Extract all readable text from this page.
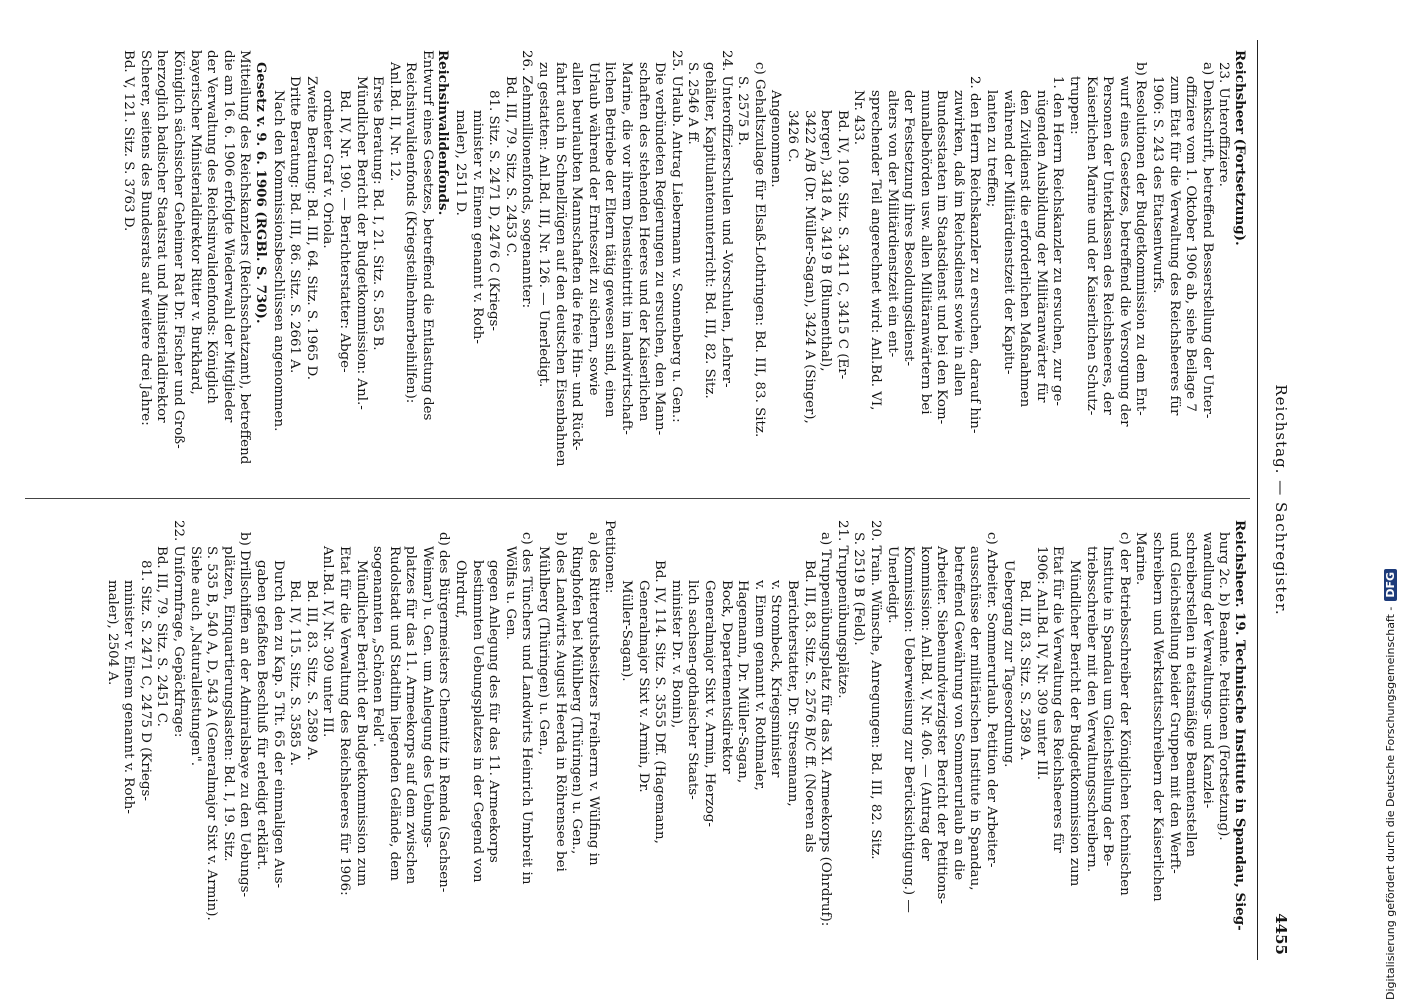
4455
Reichstag. — Sachregister.
Reichsheer. 19. Technische Institute in Spandau, Sieg-
burg 2c. b) Beamte. Petitionen (Fortsetzung).
wandlung der Verwaltungs- und Kanzlei-
schreiberstellen in etatsmäßige Beamtenstellen
und Gleichstellung beider Gruppen mit den Werft-
schreibern und Werkstattsschreibern der Kaiserlichen
Marine.
c) der Betriebsschreiber der Königlichen technischen
Institute in Spandau um Gleichstellung der Be-
triebsschreiber mit den Verwaltungsschreibern.
Mündlicher Bericht der Budgetkommission zum
Etat für die Verwaltung des Reichsheeres für
1906: Anl.Bd. IV, Nr. 309 unter III.
Bd. III, 83. Sitz. S. 2589 A.
Uebergang zur Tagesordnung.
c) Arbeiter. Sommerurlaub. Petition der Arbeiter-
ausschüsse der militärischen Institute in Spandau,
betreffend Gewährung von Sommerurlaub an die
Arbeiter. Siebenundvierzigster Bericht der Petitions-
kommission: Anl.Bd. V, Nr. 406. — (Antrag der
Kommission: Ueberweisung zur Berücksichtigung.) —
Unerledigt.
20. Train. Wünsche, Anregungen: Bd. III, 82. Sitz.
S. 2519 B (Feld).
21. Truppenübungsplätze.
a) Truppenübungsplatz für das XI. Armeekorps (Ohrdruf):
Bd. III, 83. Sitz. S. 2576 B/C ff. (Noeren als
Berichterstatter, Dr. Stresemann,
v. Strombeck, Kriegsminister
v. Einem genannt v. Rothmaler,
Hagemann, Dr. Müller-Sagan,
Bock, Departementsdirektor
Generalmajor Sixt v. Armin, Herzog-
lich sachsen-gothaischer Staats-
minister Dr. v. Bonin),
Bd. IV, 114. Sitz. S. 3555 Dff. (Hagemann,
Generalmajor Sixt v. Armin, Dr.
Müller-Sagan).
Petitionen:
a) des Rittergutsbesitzers Freiherrn v. Wülfing in
Ringhofen bei Mühlberg (Thüringen) u. Gen.,
b) des Landwirts August Heerda in Röhrensee bei
Mühlberg (Thüringen) u. Gen.,
c) des Tünchers und Landwirts Heinrich Umbreit in
Wölfis u. Gen.
gegen Anlegung des für das 11. Armeekorps
bestimmten Uebungsplatzes in der Gegend von
Ohrdruf,
d) des Bürgermeisters Chemnitz in Remda (Sachsen-
Weimar) u. Gen. um Anlegung des Uebungs-
platzes für das 11. Armeekorps auf dem zwischen
Rudolstadt und Stadtilm liegenden Gelände, dem
sogenannten „Schönen Feld".
Mündlicher Bericht der Budgetkommission zum
Etat für die Verwaltung des Reichsheeres für 1906:
Anl.Bd. IV, Nr. 309 unter III.
Bd. III, 83. Sitz. S. 2589 A.
Bd. IV, 115. Sitz. S. 3585 A.
Durch den zu Kap. 5 Tit. 65 der einmaligen Aus-
gaben gefaßten Beschluß für erledigt erklärt.
b) Drillschiffen an der Admiralsbaye zu den Uebungs-
plätzen, Einquartierungslasten: Bd. I, 19. Sitz.
S. 535 B, 540 A, D, 543 A (Generalmajor Sixt v. Armin).
Siehe auch „Naturalleistungen".
22. Uniformfrage, Gepäckfrage:
Bd. III, 79. Sitz. S. 2451 C.
81. Sitz. S. 2471 C, 2475 D (Kriegs-
minister v. Einem genannt v. Roth-
maler), 2504 A.
Reichsheer (Fortsetzung).
23. Unteroffiziere.
a) Denkschrift, betreffend Besserstellung der Unter-
offiziere vom 1. Oktober 1906 ab, siehe Beilage 7
zum Etat für die Verwaltung des Reichsheeres für
1906: S. 243 des Etatsentwurfs.
b) Resolutionen der Budgetkommission zu dem Ent-
wurf eines Gesetzes, betreffend die Versorgung der
Personen der Unterklassen des Reichsheeres, der
Kaiserlichen Marine und der Kaiserlichen Schutz-
truppen:
1. den Herrn Reichskanzler zu ersuchen, zur ge-
nügenden Ausbildung der Militäranwärter für
den Zivildienst die erforderlichen Maßnahmen
während der Militärdienstzeit der Kapitu-
lanten zu treffen;
2. den Herrn Reichskanzler zu ersuchen, darauf hin-
zuwirken, daß im Reichsdienst sowie in allen
Bundesstaaten im Staatsdienst und bei den Kom-
munalbehörden usw. allen Militäranwärtern bei
der Festsetzung ihres Besoldungsdienst-
alters von der Militärdienstzeit ein ent-
sprechender Teil angerechnet wird: Anl.Bd. VI,
Nr. 433.
Bd. IV, 109. Sitz. S. 3411 C, 3415 C (Er-
berger), 3418 A, 3419 B (Blumenthal),
3422 A/B (Dr. Müller-Sagan), 3424 A (Singer),
3426 C.
Angenommen.
c) Gehaltszulage für Elsaß-Lothringen: Bd. III, 83. Sitz.
S. 2575 B.
24. Unteroffizierschulen und -Vorschulen, Lehrer-
gehälter, Kapitulantenunterricht: Bd. III, 82. Sitz.
S. 2546 A ff.
25. Urlaub. Antrag Liebermann v. Sonnenberg u. Gen.:
Die verbündeten Regierungen zu ersuchen, den Mann-
schaften des stehenden Heeres und der Kaiserlichen
Marine, die vor ihrem Diensteintritt im landwirtschaft-
lichen Betriebe der Eltern tätig gewesen sind, einen
Urlaub während der Ernteszeit zu sichern, sowie
allen beurlaubten Mannschaften die freie Hin- und Rück-
fahrt auch in Schnellzügen auf den deutschen Eisenbahnen
zu gestatten: Anl.Bd. III, Nr. 126. — Unerledigt.
26. Zehnmillionenfonds, sogenannter:
Bd. III, 79. Sitz. S. 2453 C.
81. Sitz. S. 2471 D, 2476 C (Kriegs-
minister v. Einem genannt v. Roth-
maler), 2511 D.
Reichsinvalidenfonds.
Entwurf eines Gesetzes, betreffend die Entlastung des
Reichsinvalidenfonds (Kriegsteilnehmerbeihilfen):
Anl.Bd. II, Nr. 12.
Erste Beratung: Bd. I, 21. Sitz. S. 585 B.
Mündlicher Bericht der Budgetkommission: Anl.-
Bd. IV, Nr. 190. — Berichterstatter: Abge-
ordneter Graf v. Oriola.
Zweite Beratung: Bd. III, 64. Sitz. S. 1965 D.
Dritte Beratung: Bd. III, 86. Sitz. S. 2661 A.
Nach den Kommissionsbeschlüssen angenommen.
Gesetz v. 9. 6. 1906 (RGBl. S. 730).
Mitteilung des Reichskanzlers (Reichsschatzamt), betreffend
die am 16. 6. 1906 erfolgte Wiederwahl der Mitglieder
der Verwaltung des Reichsinvalidenfonds: Königlich
bayerischer Ministerialdirektor Ritter v. Burkhard,
Königlich sächsischer Geheimer Rat Dr. Fischer und Groß-
herzoglich badischer Staatsrat und Ministerialdirektor
Scherer, seitens des Bundesrats auf weitere drei Jahre:
Bd. V, 121. Sitz. S. 3763 D.
Digitalisierung gefördert durch die Deutsche Forschungsgemeinschaft -DFG
